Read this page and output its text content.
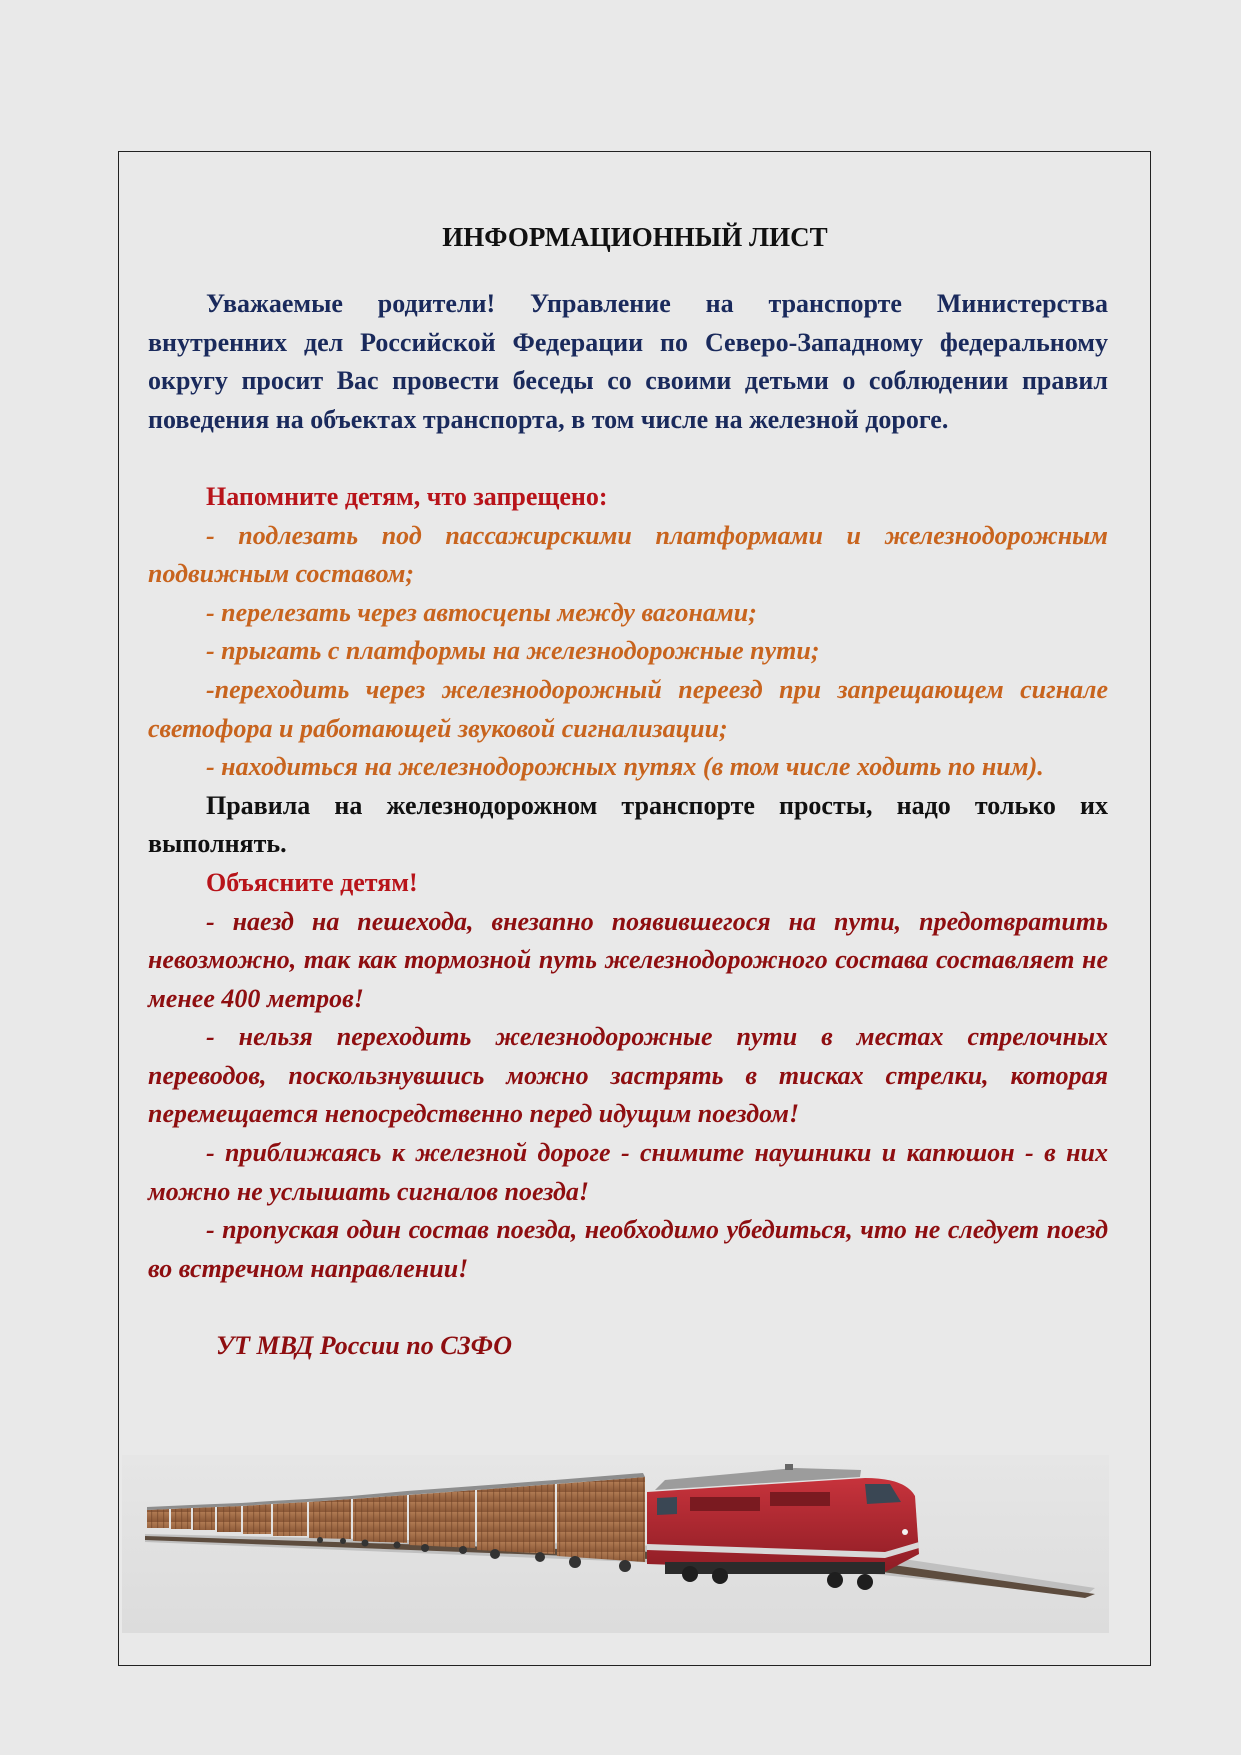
ИНФОРМАЦИОННЫЙ ЛИСТ

Уважаемые родители! Управление на транспорте Министерства внутренних дел Российской Федерации по Северо-Западному федеральному округу просит Вас провести беседы со своими детьми о соблюдении правил поведения на объектах транспорта, в том числе на железной дороге.

Напомните детям, что запрещено:

- подлезать под пассажирскими платформами и железнодорожным подвижным составом;

- перелезать через автосцепы между вагонами;

- прыгать с платформы на железнодорожные пути;

-переходить через железнодорожный переезд при запрещающем сигнале светофора и работающей звуковой сигнализации;

- находиться на железнодорожных путях (в том числе ходить по ним).

Правила на железнодорожном транспорте просты, надо только их выполнять.

Объясните детям!

- наезд на пешехода, внезапно появившегося на пути, предотвратить невозможно, так как тормозной путь железнодорожного состава составляет не менее 400 метров!

- нельзя переходить железнодорожные пути в местах стрелочных переводов, поскользнувшись можно застрять в тисках стрелки, которая перемещается непосредственно перед идущим поездом!

- приближаясь к железной дороге - снимите наушники и капюшон - в них можно не услышать сигналов поезда!

- пропуская один состав поезда, необходимо убедиться, что не следует поезд во встречном направлении!

УТ МВД России по СЗФО
